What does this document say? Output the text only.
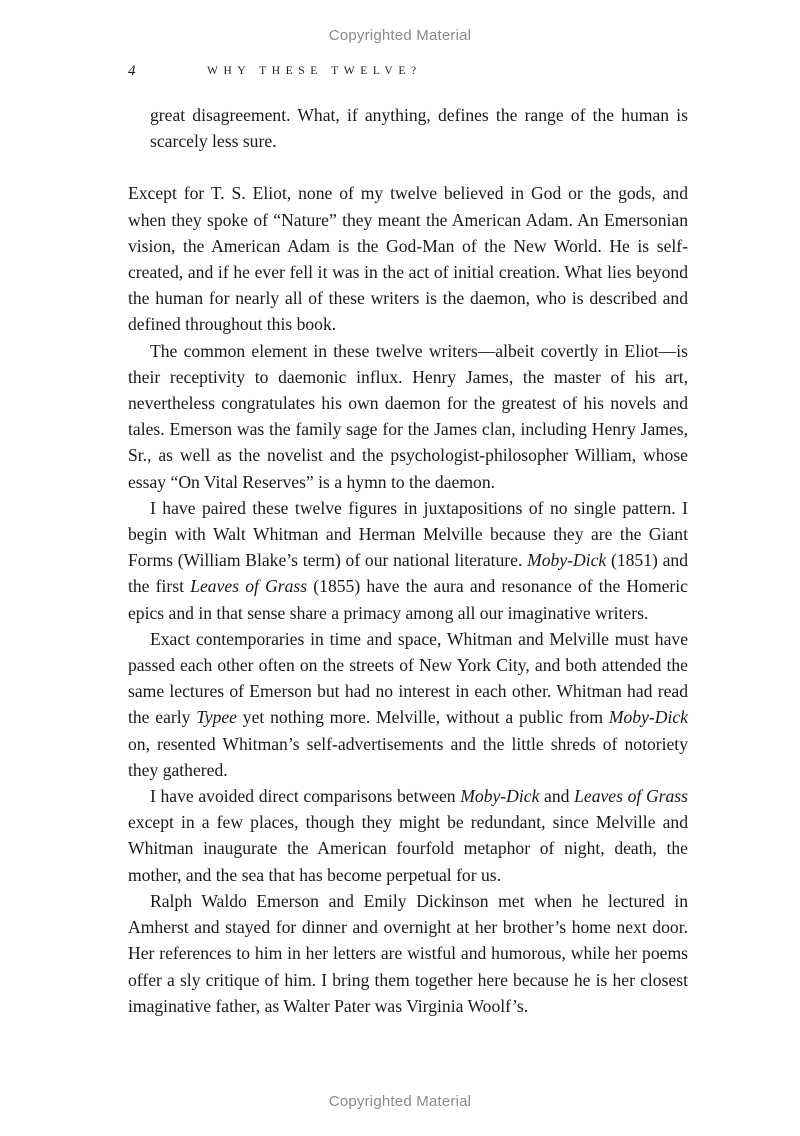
Copyrighted Material
4	WHY THESE TWELVE?

great disagreement. What, if anything, defines the range of the human is scarcely less sure.

Except for T. S. Eliot, none of my twelve believed in God or the gods, and when they spoke of “Nature” they meant the American Adam. An Emersonian vision, the American Adam is the God-Man of the New World. He is self-created, and if he ever fell it was in the act of initial creation. What lies beyond the human for nearly all of these writers is the daemon, who is described and defined throughout this book.

The common element in these twelve writers—albeit covertly in Eliot—is their receptivity to daemonic influx. Henry James, the master of his art, nevertheless congratulates his own daemon for the greatest of his novels and tales. Emerson was the family sage for the James clan, including Henry James, Sr., as well as the novelist and the psychologist-philosopher William, whose essay “On Vital Reserves” is a hymn to the daemon.

I have paired these twelve figures in juxtapositions of no single pattern. I begin with Walt Whitman and Herman Melville because they are the Giant Forms (William Blake’s term) of our national literature. Moby-Dick (1851) and the first Leaves of Grass (1855) have the aura and resonance of the Homeric epics and in that sense share a primacy among all our imaginative writers.

Exact contemporaries in time and space, Whitman and Melville must have passed each other often on the streets of New York City, and both attended the same lectures of Emerson but had no interest in each other. Whitman had read the early Typee yet nothing more. Melville, without a public from Moby-Dick on, resented Whitman’s self-advertisements and the little shreds of notoriety they gathered.

I have avoided direct comparisons between Moby-Dick and Leaves of Grass except in a few places, though they might be redundant, since Melville and Whitman inaugurate the American fourfold metaphor of night, death, the mother, and the sea that has become perpetual for us.

Ralph Waldo Emerson and Emily Dickinson met when he lectured in Amherst and stayed for dinner and overnight at her brother’s home next door. Her references to him in her letters are wistful and humorous, while her poems offer a sly critique of him. I bring them together here because he is her closest imaginative father, as Walter Pater was Virginia Woolf’s.

Copyrighted Material
